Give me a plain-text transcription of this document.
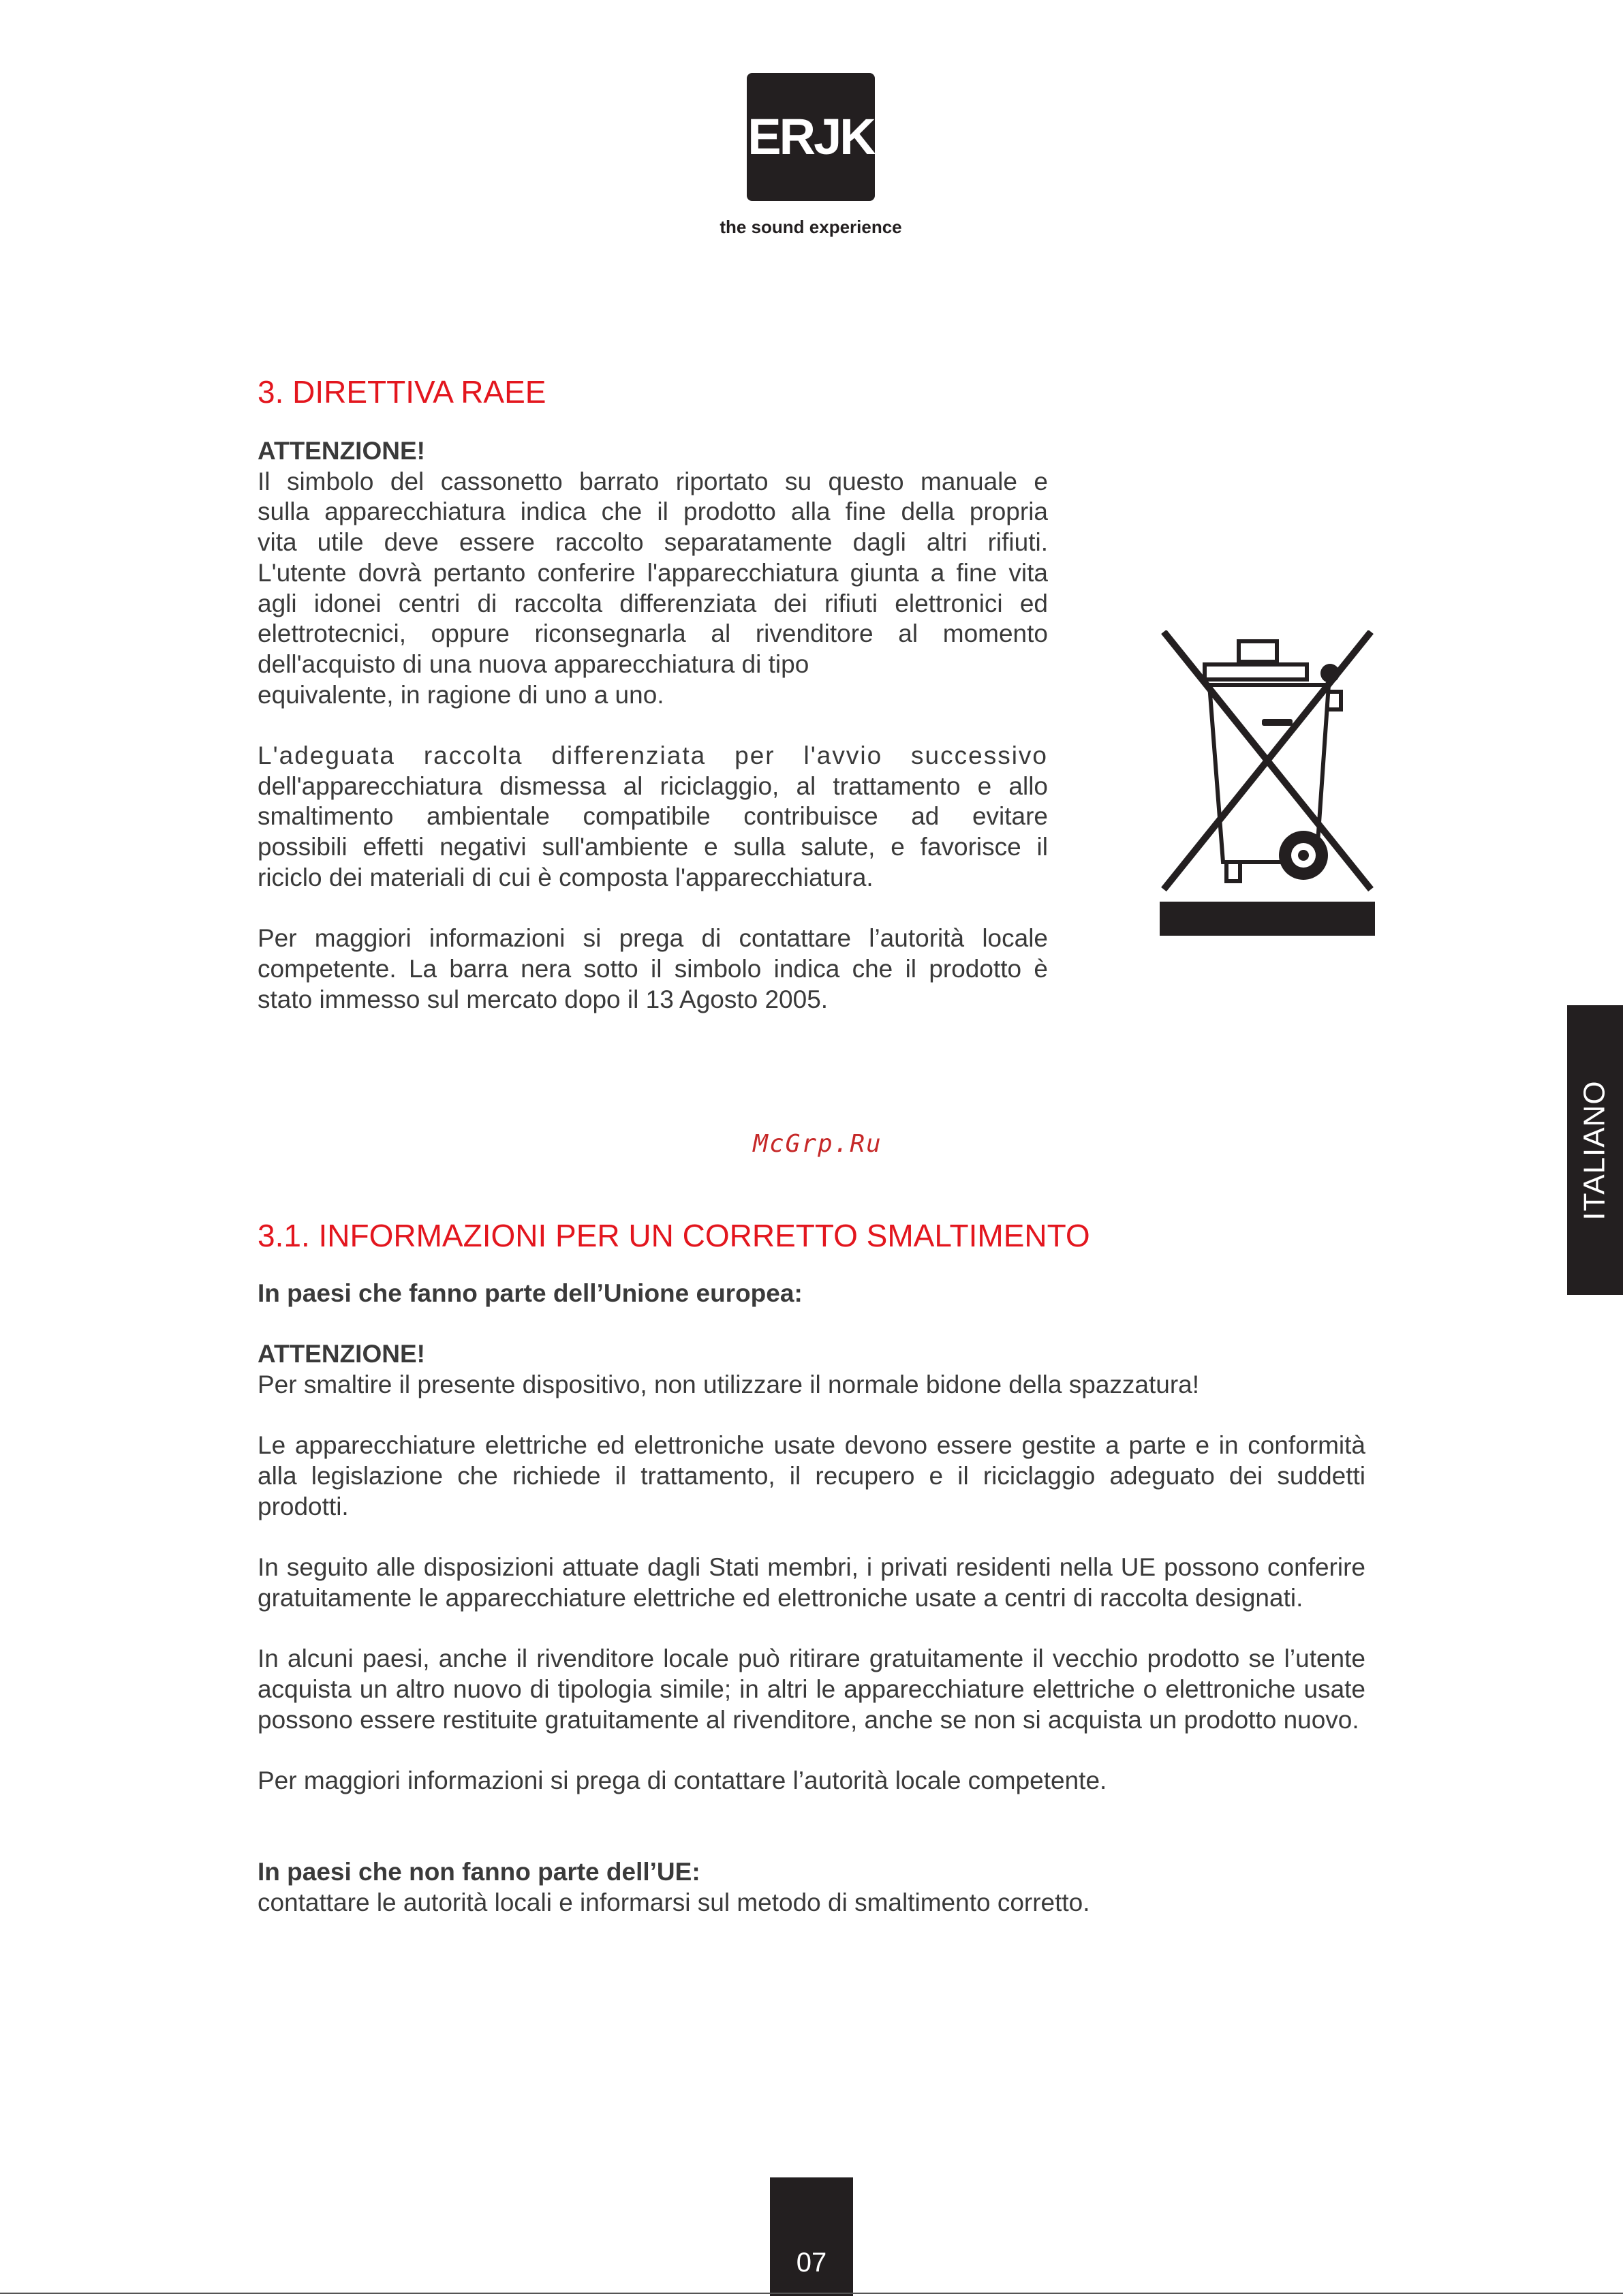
ERJK
the sound experience
3. DIRETTIVA RAEE

ATTENZIONE!

Il simbolo del cassonetto barrato riportato su questo manuale e

sulla apparecchiatura indica che il prodotto alla fine della propria

vita utile deve essere raccolto separatamente dagli altri rifiuti.

L'utente dovrà pertanto conferire l'apparecchiatura giunta a fine vita

agli idonei centri di raccolta differenziata dei rifiuti elettronici ed

elettrotecnici, oppure riconsegnarla al rivenditore al momento

dell'acquisto di una nuova apparecchiatura di tipo

equivalente, in ragione di uno a uno.

L'adeguata raccolta differenziata per l'avvio successivo

dell'apparecchiatura dismessa al riciclaggio, al trattamento e allo

smaltimento ambientale compatibile contribuisce ad evitare

possibili effetti negativi sull'ambiente e sulla salute, e favorisce il

riciclo dei materiali di cui è composta l'apparecchiatura.

Per maggiori informazioni si prega di contattare l’autorità locale

competente. La barra nera sotto il simbolo indica che il prodotto è

stato immesso sul mercato dopo il 13 Agosto 2005.

McGrp.Ru
3.1. INFORMAZIONI PER UN CORRETTO SMALTIMENTO

In paesi che fanno parte dell’Unione europea:

ATTENZIONE!

Per smaltire il presente dispositivo, non utilizzare il normale bidone della spazzatura!

Le apparecchiature elettriche ed elettroniche usate devono essere gestite a parte e in conformità alla legislazione che richiede il trattamento, il recupero e il riciclaggio adeguato dei suddetti prodotti.

In seguito alle disposizioni attuate dagli Stati membri, i privati residenti nella UE possono conferire gratuitamente le apparecchiature elettriche ed elettroniche usate a centri di raccolta designati.

In alcuni paesi, anche il rivenditore locale può ritirare gratuitamente il vecchio prodotto se l’utente acquista un altro nuovo di tipologia simile; in altri le apparecchiature elettriche o elettroniche usate possono essere restituite gratuitamente al rivenditore, anche se non si acquista un prodotto nuovo.

Per maggiori informazioni si prega di contattare l’autorità locale competente.

In paesi che non fanno parte dell’UE:

contattare le autorità locali e informarsi sul metodo di smaltimento corretto.

ITALIANO
07
